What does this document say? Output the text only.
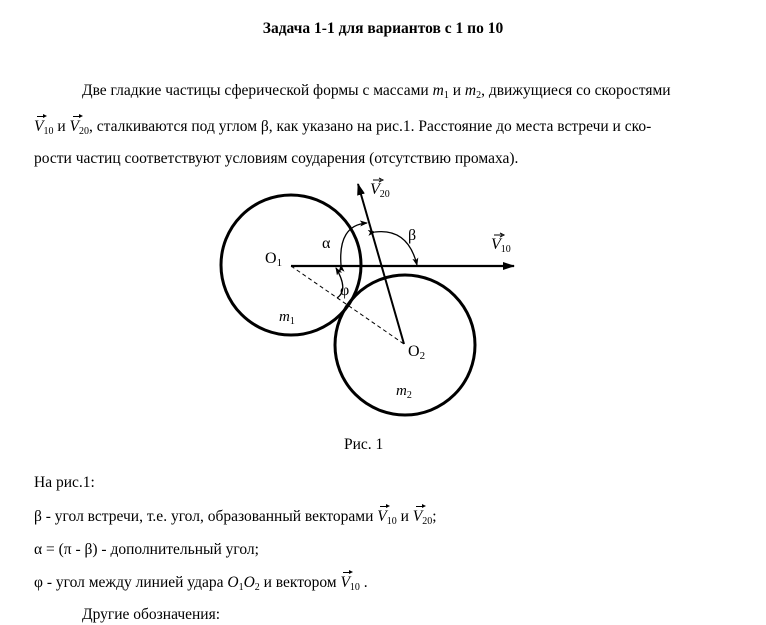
Задача 1-1 для вариантов с 1 по 10
Две гладкие частицы сферической формы с массами $m_1$ и $m_2$, движущиеся со скоростями
$V_{10}$ и $V_{20}$, сталкиваются под углом β, как указано на рис.1. Расстояние до места встречи и ско-
рости частиц соответствуют условиям соударения (отсутствию промаха).
O1
α	β
φ
$m_1$
O2
$m_2$
V10
V20
Рис. 1
На рис.1:
β - угол встречи, т.е. угол, образованный векторами $V_{10}$ и $V_{20}$;
α = (π - β) - дополнительный угол;
φ - угол между линией удара $O_1O_2$ и вектором $V_{10}$ .
Другие обозначения:
